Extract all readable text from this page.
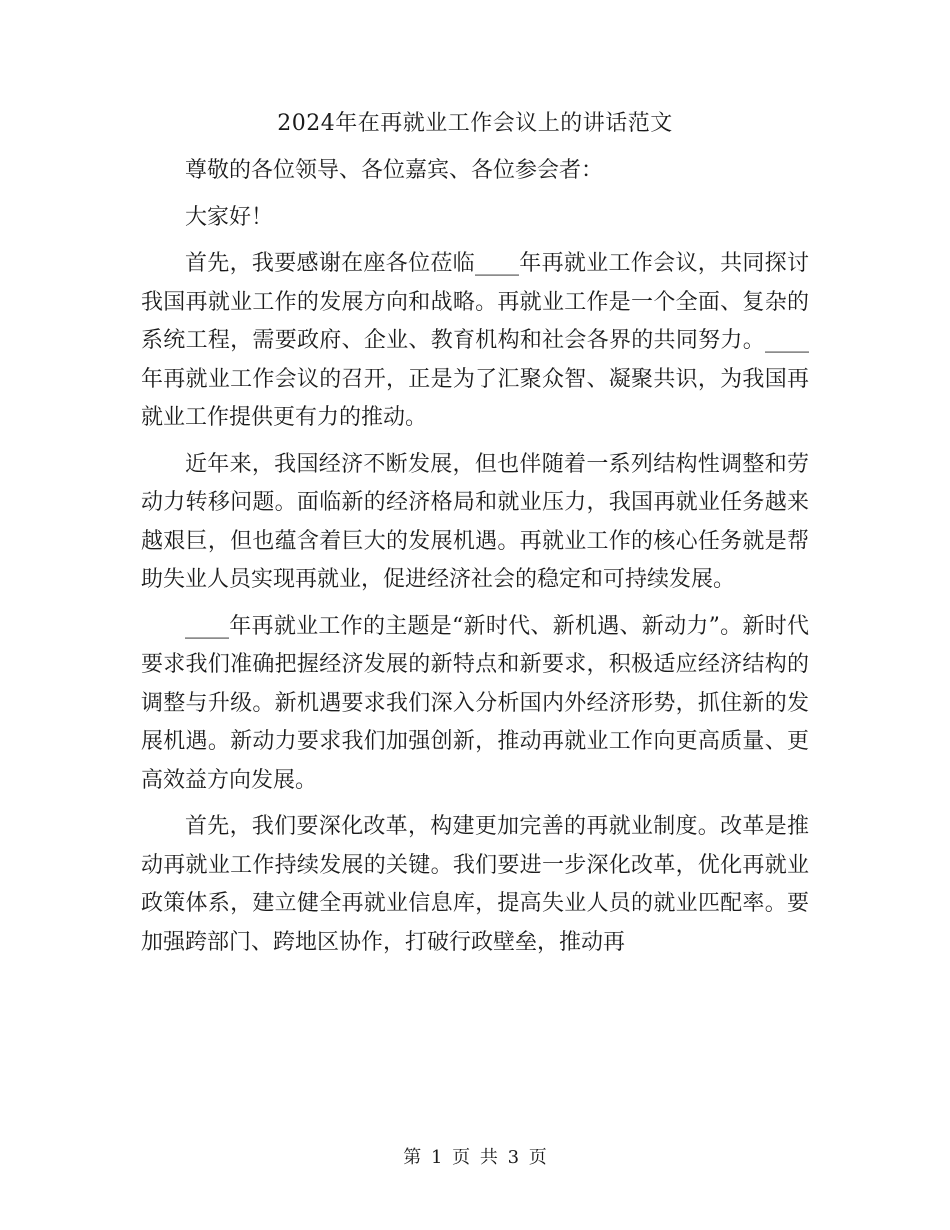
2024年在再就业工作会议上的讲话范文

尊敬的各位领导、各位嘉宾、各位参会者：

大家好！

首先，我要感谢在座各位莅临____年再就业工作会议，共同探讨我国再就业工作的发展方向和战略。再就业工作是一个全面、复杂的系统工程，需要政府、企业、教育机构和社会各界的共同努力。____年再就业工作会议的召开，正是为了汇聚众智、凝聚共识，为我国再就业工作提供更有力的推动。

近年来，我国经济不断发展，但也伴随着一系列结构性调整和劳动力转移问题。面临新的经济格局和就业压力，我国再就业任务越来越艰巨，但也蕴含着巨大的发展机遇。再就业工作的核心任务就是帮助失业人员实现再就业，促进经济社会的稳定和可持续发展。

____年再就业工作的主题是“新时代、新机遇、新动力”。新时代要求我们准确把握经济发展的新特点和新要求，积极适应经济结构的调整与升级。新机遇要求我们深入分析国内外经济形势，抓住新的发展机遇。新动力要求我们加强创新，推动再就业工作向更高质量、更高效益方向发展。

首先，我们要深化改革，构建更加完善的再就业制度。改革是推动再就业工作持续发展的关键。我们要进一步深化改革，优化再就业政策体系，建立健全再就业信息库，提高失业人员的就业匹配率。要加强跨部门、跨地区协作，打破行政壁垒，推动再

第 1 页 共 3 页
